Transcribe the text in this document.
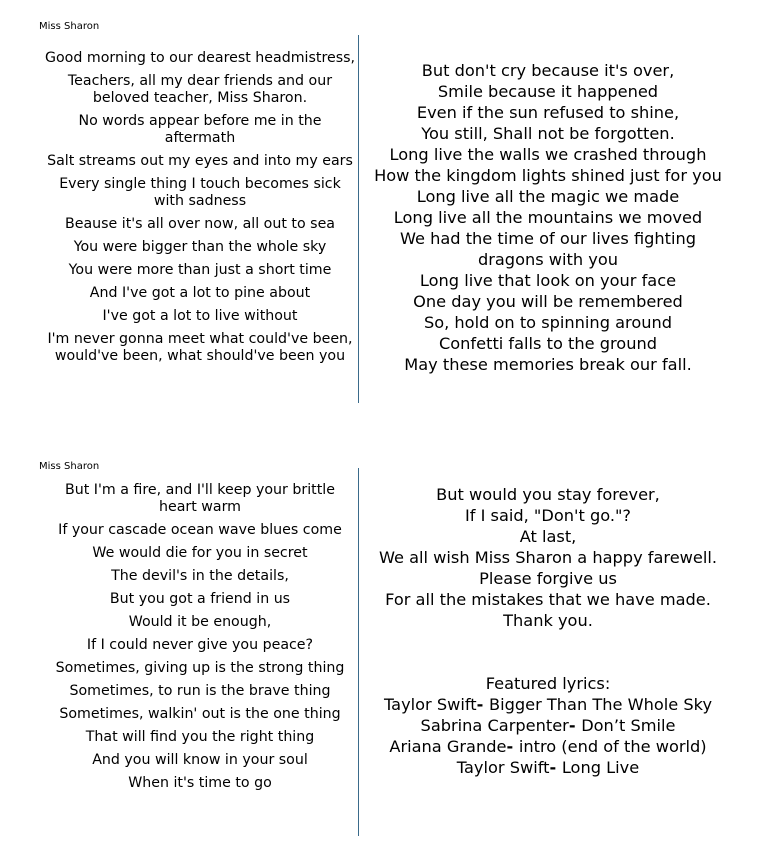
Miss Sharon
Good morning to our dearest headmistress,
Teachers, all my dear friends and our beloved teacher, Miss Sharon.
No words appear before me in the aftermath
Salt streams out my eyes and into my ears
Every single thing I touch becomes sick with sadness
Beause it's all over now, all out to sea
You were bigger than the whole sky
You were more than just a short time
And I've got a lot to pine about
I've got a lot to live without
I'm never gonna meet what could've been, would've been, what should've been you
But don't cry because it's over,
Smile because it happened
Even if the sun refused to shine,
You still, Shall not be forgotten.
Long live the walls we crashed through
How the kingdom lights shined just for you
Long live all the magic we made
Long live all the mountains we moved
We had the time of our lives fighting dragons with you
Long live that look on your face
One day you will be remembered
So, hold on to spinning around
Confetti falls to the ground
May these memories break our fall.
Miss Sharon
But I'm a fire, and I'll keep your brittle heart warm
If your cascade ocean wave blues come
We would die for you in secret
The devil's in the details,
But you got a friend in us
Would it be enough,
If I could never give you peace?
Sometimes, giving up is the strong thing
Sometimes, to run is the brave thing
Sometimes, walkin' out is the one thing
That will find you the right thing
And you will know in your soul
When it's time to go
But would you stay forever,
If I said, "Don't go."?
At last,
We all wish Miss Sharon a happy farewell.
Please forgive us
For all the mistakes that we have made.
Thank you.
Featured lyrics:
Taylor Swift- Bigger Than The Whole Sky
Sabrina Carpenter- Don’t Smile
Ariana Grande- intro (end of the world)
Taylor Swift- Long Live
